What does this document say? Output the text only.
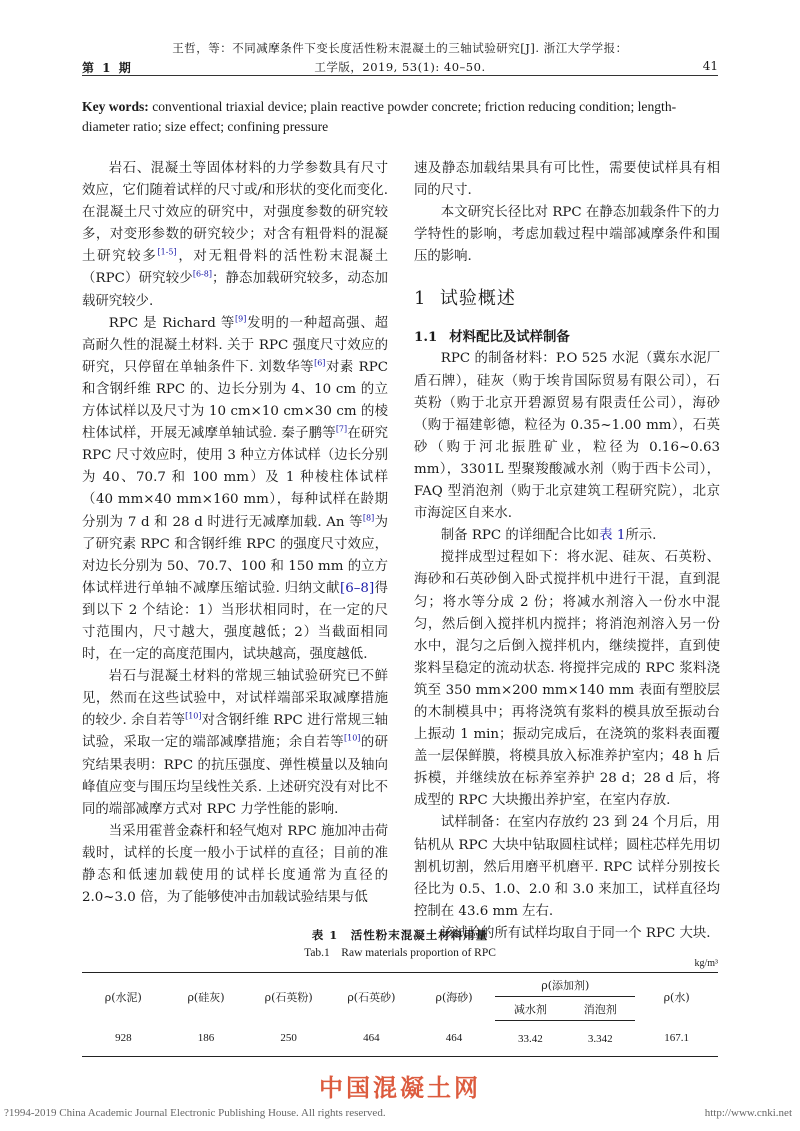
王哲，等：不同减摩条件下变长度活性粉末混凝土的三轴试验研究[J]. 浙江大学学报：
第 1 期	工学版，2019, 53(1): 40–50.	41
Key words: conventional triaxial device; plain reactive powder concrete; friction reducing condition; length-diameter ratio; size effect; confining pressure

岩石、混凝土等固体材料的力学参数具有尺寸效应，它们随着试样的尺寸或/和形状的变化而变化. 在混凝土尺寸效应的研究中，对强度参数的研究较多，对变形参数的研究较少；对含有粗骨料的混凝土研究较多[1-5]，对无粗骨料的活性粉末混凝土（RPC）研究较少[6-8]；静态加载研究较多，动态加载研究较少.

RPC 是 Richard 等[9]发明的一种超高强、超高耐久性的混凝土材料. 关于 RPC 强度尺寸效应的研究，只停留在单轴条件下. 刘数华等[6]对素 RPC 和含钢纤维 RPC 的、边长分别为 4、10 cm 的立方体试样以及尺寸为 10 cm×10 cm×30 cm 的棱柱体试样，开展无减摩单轴试验. 秦子鹏等[7]在研究 RPC 尺寸效应时，使用 3 种立方体试样（边长分别为 40、70.7 和 100 mm）及 1 种棱柱体试样（40 mm×40 mm×160 mm），每种试样在龄期分别为 7 d 和 28 d 时进行无减摩加载. An 等[8]为了研究素 RPC 和含钢纤维 RPC 的强度尺寸效应，对边长分别为 50、70.7、100 和 150 mm 的立方体试样进行单轴不减摩压缩试验. 归纳文献[6–8]得到以下 2 个结论：1）当形状相同时，在一定的尺寸范围内，尺寸越大，强度越低；2）当截面相同时，在一定的高度范围内，试块越高，强度越低.

岩石与混凝土材料的常规三轴试验研究已不鲜见，然而在这些试验中，对试样端部采取减摩措施的较少. 余自若等[10]对含钢纤维 RPC 进行常规三轴试验，采取一定的端部减摩措施；余自若等[10]的研究结果表明：RPC 的抗压强度、弹性模量以及轴向峰值应变与围压均呈线性关系. 上述研究没有对比不同的端部减摩方式对 RPC 力学性能的影响.

当采用霍普金森杆和轻气炮对 RPC 施加冲击荷载时，试样的长度一般小于试样的直径；目前的准静态和低速加载使用的试样长度通常为直径的 2.0~3.0 倍，为了能够使冲击加载试验结果与低

速及静态加载结果具有可比性，需要使试样具有相同的尺寸.

本文研究长径比对 RPC 在静态加载条件下的力学特性的影响，考虑加载过程中端部减摩条件和围压的影响.

1 试验概述

1.1 材料配比及试样制备

RPC 的制备材料：P.O 525 水泥（冀东水泥厂盾石牌），硅灰（购于埃肯国际贸易有限公司），石英粉（购于北京开碧源贸易有限责任公司），海砂（购于福建彰德，粒径为 0.35~1.00 mm），石英砂（购于河北振胜矿业，粒径为 0.16~0.63 mm），3301L 型聚羧酸减水剂（购于西卡公司），FAQ 型消泡剂（购于北京建筑工程研究院），北京市海淀区自来水.

制备 RPC 的详细配合比如表 1所示.

搅拌成型过程如下：将水泥、硅灰、石英粉、海砂和石英砂倒入卧式搅拌机中进行干混，直到混匀；将水等分成 2 份；将减水剂溶入一份水中混匀，然后倒入搅拌机内搅拌；将消泡剂溶入另一份水中，混匀之后倒入搅拌机内，继续搅拌，直到使浆料呈稳定的流动状态. 将搅拌完成的 RPC 浆料浇筑至 350 mm×200 mm×140 mm 表面有塑胶层的木制模具中；再将浇筑有浆料的模具放至振动台上振动 1 min；振动完成后，在浇筑的浆料表面覆盖一层保鲜膜，将模具放入标准养护室内；48 h 后拆模，并继续放在标养室养护 28 d；28 d 后，将成型的 RPC 大块搬出养护室，在室内存放.

试样制备：在室内存放约 23 到 24 个月后，用钻机从 RPC 大块中钻取圆柱试样；圆柱芯样先用切割机切割，然后用磨平机磨平. RPC 试样分别按长径比为 0.5、1.0、2.0 和 3.0 来加工，试样直径均控制在 43.6 mm 左右.

该试验的所有试样均取自于同一个 RPC 大块.

表 1　活性粉末混凝土材料用量
Tab.1　Raw materials proportion of RPC
kg/m³
ρ(水泥)	ρ(硅灰)	ρ(石英粉)	ρ(石英砂)	ρ(海砂)	ρ(添加剂)		ρ(水)
					减水剂	消泡剂	
928	186	250	464	464	33.42	3.342	167.1
中国混凝土网
?1994-2019 China Academic Journal Electronic Publishing House. All rights reserved.	http://www.cnki.net
